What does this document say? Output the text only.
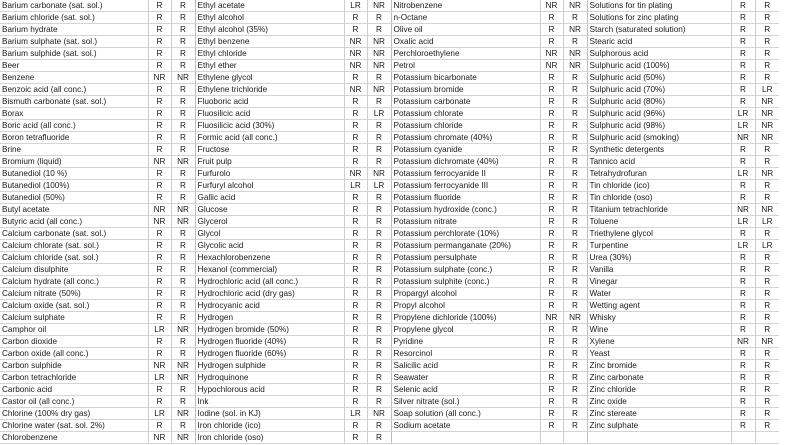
Barium carbonate (sat. sol.)	R	R	Ethyl acetate	LR	NR	Nitrobenzene	NR	NR	Solutions for tin plating	R	R
Barium chloride (sat. sol.)	R	R	Ethyl alcohol	R	R	n-Octane	R	R	Solutions for zinc plating	R	R
Barium hydrate	R	R	Ethyl alcohol (35%)	R	R	Olive oil	R	NR	Starch (saturated solution)	R	R
Barium sulphate (sat. sol.)	R	R	Ethyl benzene	NR	NR	Oxalic acid	R	R	Stearic acid	R	R
Barium sulphide (sat. sol.)	R	R	Ethyl chloride	NR	NR	Perchloroethylene	NR	NR	Sulphorous acid	R	R
Beer	R	R	Ethyl ether	NR	NR	Petrol	NR	NR	Sulphuric acid (100%)	R	R
Benzene	NR	NR	Ethylene glycol	R	R	Potassium bicarbonate	R	R	Sulphuric acid (50%)	R	R
Benzoic acid (all conc.)	R	R	Ethylene trichloride	NR	NR	Potassium bromide	R	R	Sulphuric acid (70%)	R	LR
Bismuth carbonate (sat. sol.)	R	R	Fluoboric acid	R	R	Potassium carbonate	R	R	Sulphuric acid (80%)	R	NR
Borax	R	R	Fluosilicic acid	R	LR	Potassium chlorate	R	R	Sulphuric acid (96%)	LR	NR
Boric acid (all conc.)	R	R	Fluosilicic acid (30%)	R	R	Potassium chloride	R	R	Sulphuric acid (98%)	LR	NR
Boron tetrafluoride	R	R	Formic acid (all conc.)	R	R	Potassium chromate (40%)	R	R	Sulphuric acid (smoking)	NR	NR
Brine	R	R	Fructose	R	R	Potassium cyanide	R	R	Synthetic detergents	R	R
Bromium (liquid)	NR	NR	Fruit pulp	R	R	Potassium dichromate (40%)	R	R	Tannico acid	R	R
Butanediol (10 %)	R	R	Furfurolo	NR	NR	Potassium ferrocyanide II	R	R	Tetrahydrofuran	LR	NR
Butanediol (100%)	R	R	Furfuryl alcohol	LR	LR	Potassium ferrocyanide III	R	R	Tin chloride (ico)	R	R
Butanediol (50%)	R	R	Gallic acid	R	R	Potassium fluoride	R	R	Tin chloride (oso)	R	R
Butyl acetate	NR	NR	Glucose	R	R	Potassium hydroxide (conc.)	R	R	Titanium tetrachloride	NR	NR
Butyric acid (all conc.)	NR	NR	Glycerol	R	R	Potassium nitrate	R	R	Toluene	LR	LR
Calcium carbonate (sat. sol.)	R	R	Glycol	R	R	Potassium perchlorate (10%)	R	R	Triethylene glycol	R	R
Calcium chlorate (sat. sol.)	R	R	Glycolic acid	R	R	Potassium permanganate (20%)	R	R	Turpentine	LR	LR
Calcium chloride (sat. sol.)	R	R	Hexachlorobenzene	R	R	Potassium persulphate	R	R	Urea (30%)	R	R
Calcium disulphite	R	R	Hexanol (commercial)	R	R	Potassium sulphate (conc.)	R	R	Vanilla	R	R
Calcium hydrate (all conc.)	R	R	Hydrochloric acid (all conc.)	R	R	Potassium sulphite (conc.)	R	R	Vinegar	R	R
Calcium nitrate (50%)	R	R	Hydrochloric acid (dry gas)	R	R	Propargyl alcohol	R	R	Water	R	R
Calcium oxide (sat. sol.)	R	R	Hydrocyanic acid	R	R	Propyl alcohol	R	R	Wetting agent	R	R
Calcium sulphate	R	R	Hydrogen	R	R	Propylene dichloride (100%)	NR	NR	Whisky	R	R
Camphor oil	LR	NR	Hydrogen bromide (50%)	R	R	Propylene glycol	R	R	Wine	R	R
Carbon dioxide	R	R	Hydrogen fluoride (40%)	R	R	Pyridine	R	R	Xylene	NR	NR
Carbon oxide (all conc.)	R	R	Hydrogen fluoride (60%)	R	R	Resorcinol	R	R	Yeast	R	R
Carbon sulphide	NR	NR	Hydrogen sulphide	R	R	Salicilic acid	R	R	Zinc bromide	R	R
Carbon tetrachloride	LR	NR	Hydroquinone	R	R	Seawater	R	R	Zinc carbonate	R	R
Carbonic acid	R	R	Hypochlorous acid	R	R	Selenic acid	R	R	Zinc chloride	R	R
Castor oil (all conc.)	R	R	Ink	R	R	Silver nitrate (sol.)	R	R	Zinc oxide	R	R
Chlorine (100% dry gas)	LR	NR	Iodine (sol. in KJ)	LR	NR	Soap solution (all conc.)	R	R	Zinc stereate	R	R
Chlorine water (sat. sol. 2%)	R	R	Iron chloride (ico)	R	R	Sodium acetate	R	R	Zinc sulphate	R	R
Chlorobenzene	NR	NR	Iron chloride (oso)	R	R						
